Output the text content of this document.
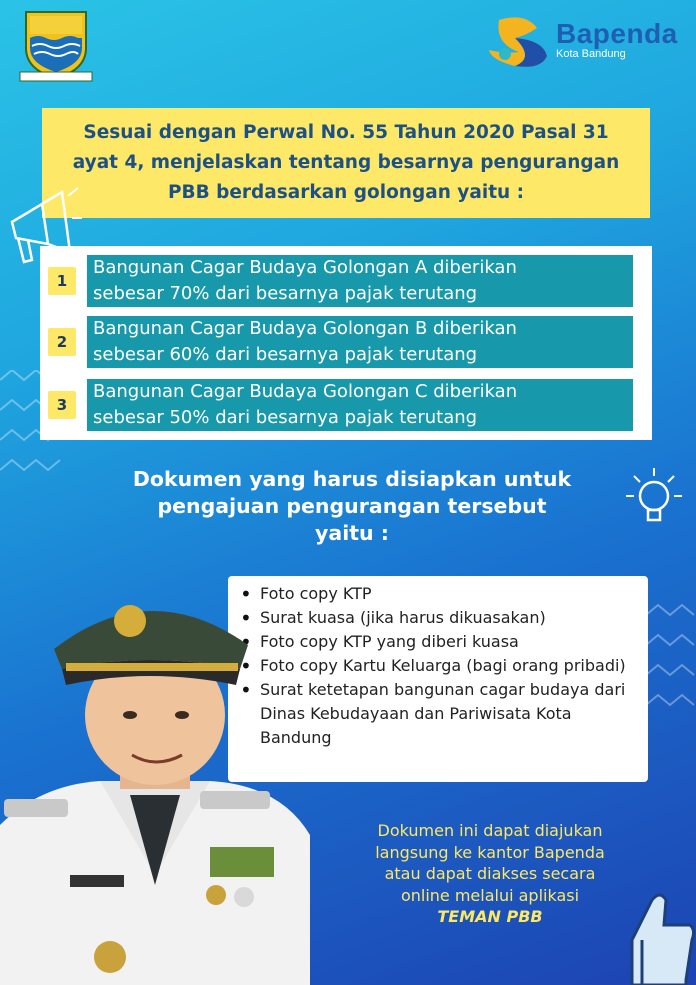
Bapenda
Kota Bandung
Sesuai dengan Perwal No. 55 Tahun 2020 Pasal 31
ayat 4, menjelaskan tentang besarnya pengurangan
PBB berdasarkan golongan yaitu :
1
Bangunan Cagar Budaya Golongan A diberikan
sebesar 70% dari besarnya pajak terutang
2
Bangunan Cagar Budaya Golongan B diberikan
sebesar 60% dari besarnya pajak terutang
3
Bangunan Cagar Budaya Golongan C diberikan
sebesar 50% dari besarnya pajak terutang
Dokumen yang harus disiapkan untuk
pengajuan pengurangan tersebut
yaitu :
• Foto copy KTP
• Surat kuasa (jika harus dikuasakan)
• Foto copy KTP yang diberi kuasa
• Foto copy Kartu Keluarga (bagi orang pribadi)
• Surat ketetapan bangunan cagar budaya dari Dinas Kebudayaan dan Pariwisata Kota Bandung
Dokumen ini dapat diajukan
langsung ke kantor Bapenda
atau dapat diakses secara
online melalui aplikasi
TEMAN PBB
